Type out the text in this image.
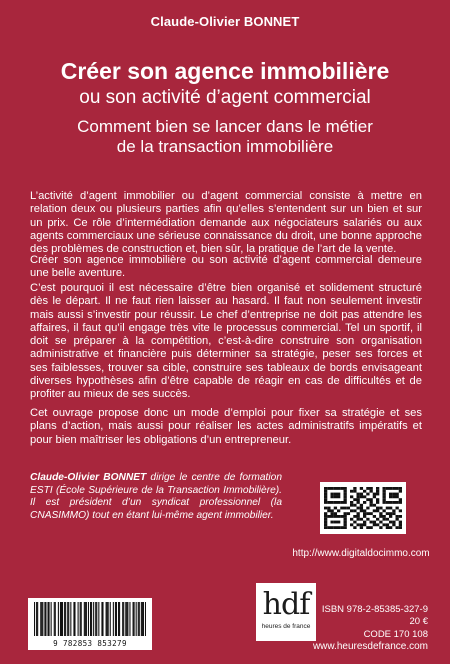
Claude-Olivier BONNET
Créer son agence immobilière
ou son activité d’agent commercial
Comment bien se lancer dans le métier
de la transaction immobilière

L’activité d’agent immobilier ou d’agent commercial consiste à mettre en relation deux ou plusieurs parties afin qu’elles s’entendent sur un bien et sur un prix. Ce rôle d’intermédiation demande aux négociateurs salariés ou aux agents commerciaux une sérieuse connaissance du droit, une bonne approche des problèmes de construction et, bien sûr, la pratique de l’art de la vente.

Créer son agence immobilière ou son activité d’agent commercial demeure une belle aventure.

C’est pourquoi il est nécessaire d’être bien organisé et solidement structuré dès le départ. Il ne faut rien laisser au hasard. Il faut non seulement investir mais aussi s’investir pour réussir. Le chef d’entreprise ne doit pas attendre les affaires, il faut qu’il engage très vite le processus commercial. Tel un sportif, il doit se préparer à la compétition, c’est-à-dire construire son organisation administrative et financière puis déterminer sa stratégie, peser ses forces et ses faiblesses, trouver sa cible, construire ses tableaux de bords envisageant diverses hypothèses afin d’être capable de réagir en cas de difficultés et de profiter au mieux de ses succès.

Cet ouvrage propose donc un mode d’emploi pour fixer sa stratégie et ses plans d’action, mais aussi pour réaliser les actes administratifs impératifs et pour bien maîtriser les obligations d’un entrepreneur.

Claude-Olivier BONNET dirige le centre de formation ESTI (École Supérieure de la Transaction Immobilière). Il est président d’un syndicat professionnel (la CNASIMMO) tout en étant lui-même agent immobilier.
http://www.digitaldocimmo.com
9 782853 853279
hdf
heures de france
ISBN 978-2-85385-327-9
20 €
CODE 170 108
www.heuresdefrance.com
